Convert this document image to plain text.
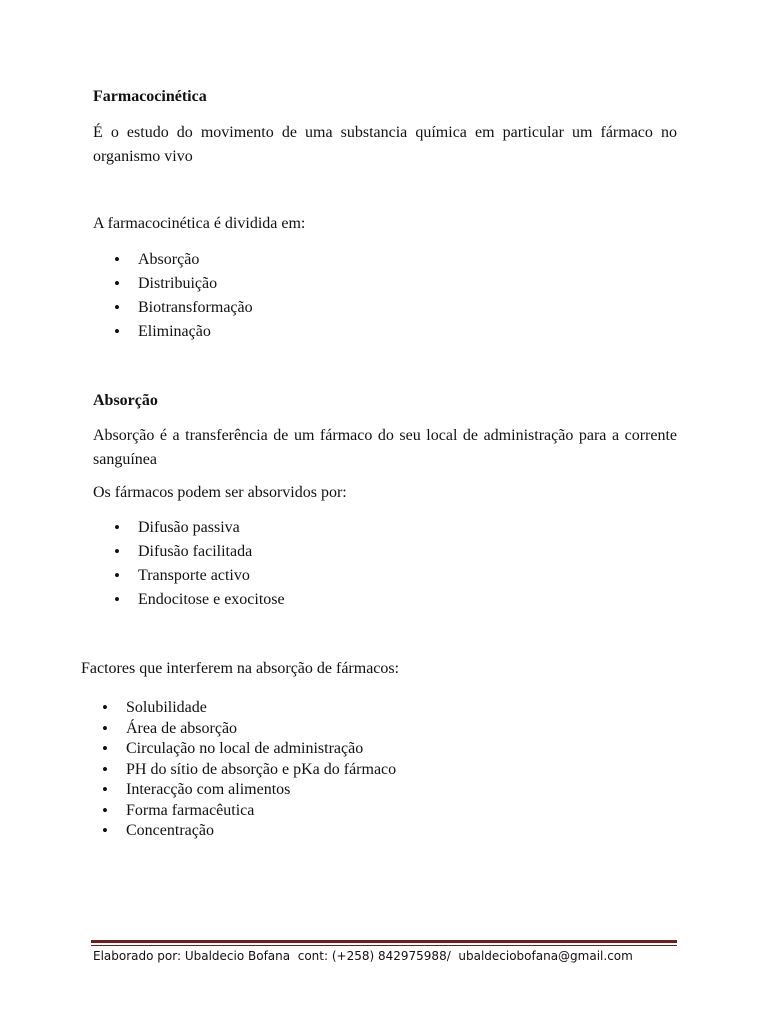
Farmacocinética
É o estudo do movimento de uma substancia química em particular um fármaco no organismo vivo
A farmacocinética é dividida em:
• Absorção
• Distribuição
• Biotransformação
• Eliminação
Absorção
Absorção é a transferência de um fármaco do seu local de administração para a corrente sanguínea
Os fármacos podem ser absorvidos por:
• Difusão passiva
• Difusão facilitada
• Transporte activo
• Endocitose e exocitose
Factores que interferem na absorção de fármacos:
• Solubilidade
• Área de absorção
• Circulação no local de administração
• PH do sítio de absorção e pKa do fármaco
• Interacção com alimentos
• Forma farmacêutica
• Concentração
Elaborado por: Ubaldecio Bofana  cont: (+258) 842975988/  ubaldeciobofana@gmail.com
